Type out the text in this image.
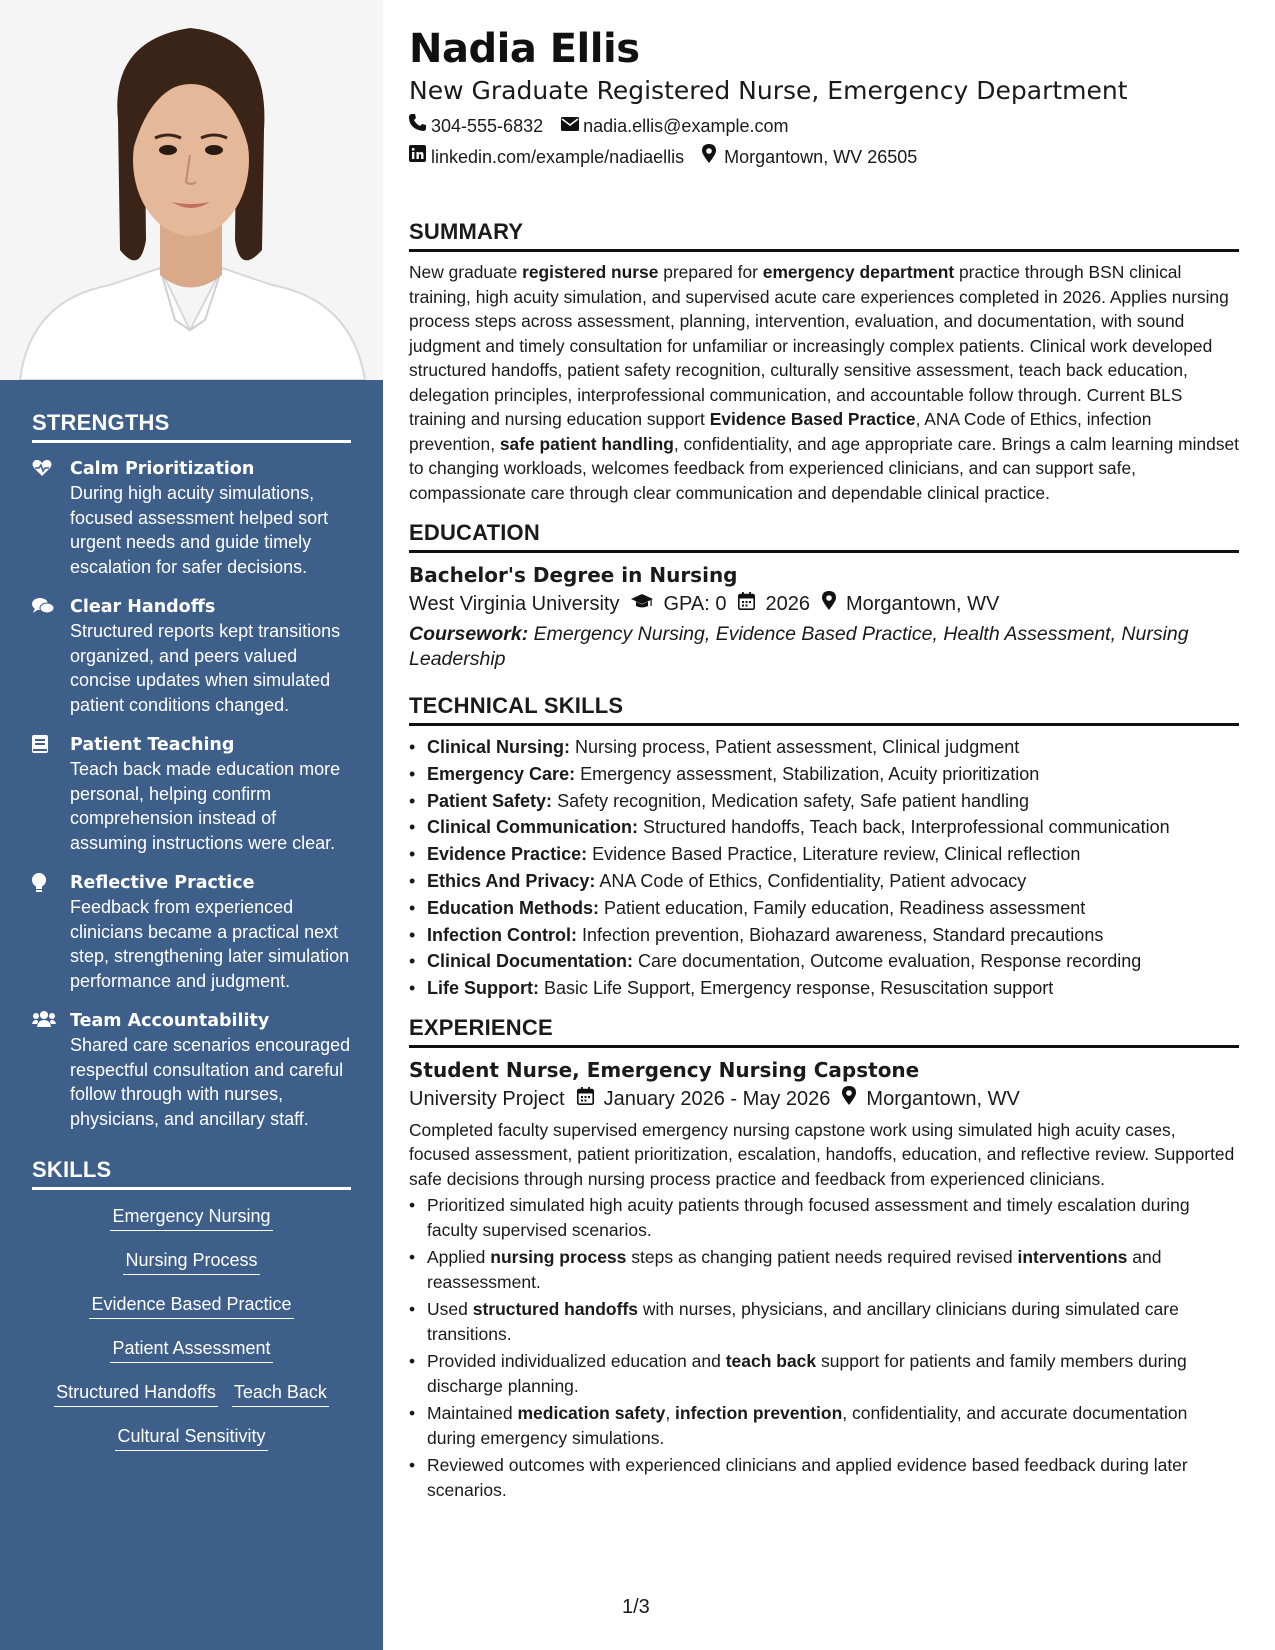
STRENGTHS
Calm Prioritization
During high acuity simulations, focused assessment helped sort urgent needs and guide timely escalation for safer decisions.
Clear Handoffs
Structured reports kept transitions organized, and peers valued concise updates when simulated patient conditions changed.
Patient Teaching
Teach back made education more personal, helping confirm comprehension instead of assuming instructions were clear.
Reflective Practice
Feedback from experienced clinicians became a practical next step, strengthening later simulation performance and judgment.
Team Accountability
Shared care scenarios encouraged respectful consultation and careful follow through with nurses, physicians, and ancillary staff.
SKILLS
Emergency Nursing
Nursing Process
Evidence Based Practice
Patient Assessment
Structured Handoffs Teach Back
Cultural Sensitivity
Nadia Ellis
New Graduate Registered Nurse, Emergency Department
304-555-6832 nadia.ellis@example.com
linkedin.com/example/nadiaellis Morgantown, WV 26505
SUMMARY

New graduate registered nurse prepared for emergency department practice through BSN clinical training, high acuity simulation, and supervised acute care experiences completed in 2026. Applies nursing process steps across assessment, planning, intervention, evaluation, and documentation, with sound judgment and timely consultation for unfamiliar or increasingly complex patients. Clinical work developed structured handoffs, patient safety recognition, culturally sensitive assessment, teach back education, delegation principles, interprofessional communication, and accountable follow through. Current BLS training and nursing education support Evidence Based Practice, ANA Code of Ethics, infection prevention, safe patient handling, confidentiality, and age appropriate care. Brings a calm learning mindset to changing workloads, welcomes feedback from experienced clinicians, and can support safe, compassionate care through clear communication and dependable clinical practice.

EDUCATION
Bachelor's Degree in Nursing
West Virginia University GPA: 0 2026 Morgantown, WV
Coursework: Emergency Nursing, Evidence Based Practice, Health Assessment, Nursing Leadership
TECHNICAL SKILLS
• Clinical Nursing: Nursing process, Patient assessment, Clinical judgment
• Emergency Care: Emergency assessment, Stabilization, Acuity prioritization
• Patient Safety: Safety recognition, Medication safety, Safe patient handling
• Clinical Communication: Structured handoffs, Teach back, Interprofessional communication
• Evidence Practice: Evidence Based Practice, Literature review, Clinical reflection
• Ethics And Privacy: ANA Code of Ethics, Confidentiality, Patient advocacy
• Education Methods: Patient education, Family education, Readiness assessment
• Infection Control: Infection prevention, Biohazard awareness, Standard precautions
• Clinical Documentation: Care documentation, Outcome evaluation, Response recording
• Life Support: Basic Life Support, Emergency response, Resuscitation support
EXPERIENCE
Student Nurse, Emergency Nursing Capstone
University Project January 2026 - May 2026 Morgantown, WV

Completed faculty supervised emergency nursing capstone work using simulated high acuity cases, focused assessment, patient prioritization, escalation, handoffs, education, and reflective review. Supported safe decisions through nursing process practice and feedback from experienced clinicians.

• Prioritized simulated high acuity patients through focused assessment and timely escalation during faculty supervised scenarios.
• Applied nursing process steps as changing patient needs required revised interventions and reassessment.
• Used structured handoffs with nurses, physicians, and ancillary clinicians during simulated care transitions.
• Provided individualized education and teach back support for patients and family members during discharge planning.
• Maintained medication safety, infection prevention, confidentiality, and accurate documentation during emergency simulations.
• Reviewed outcomes with experienced clinicians and applied evidence based feedback during later scenarios.
1/3
